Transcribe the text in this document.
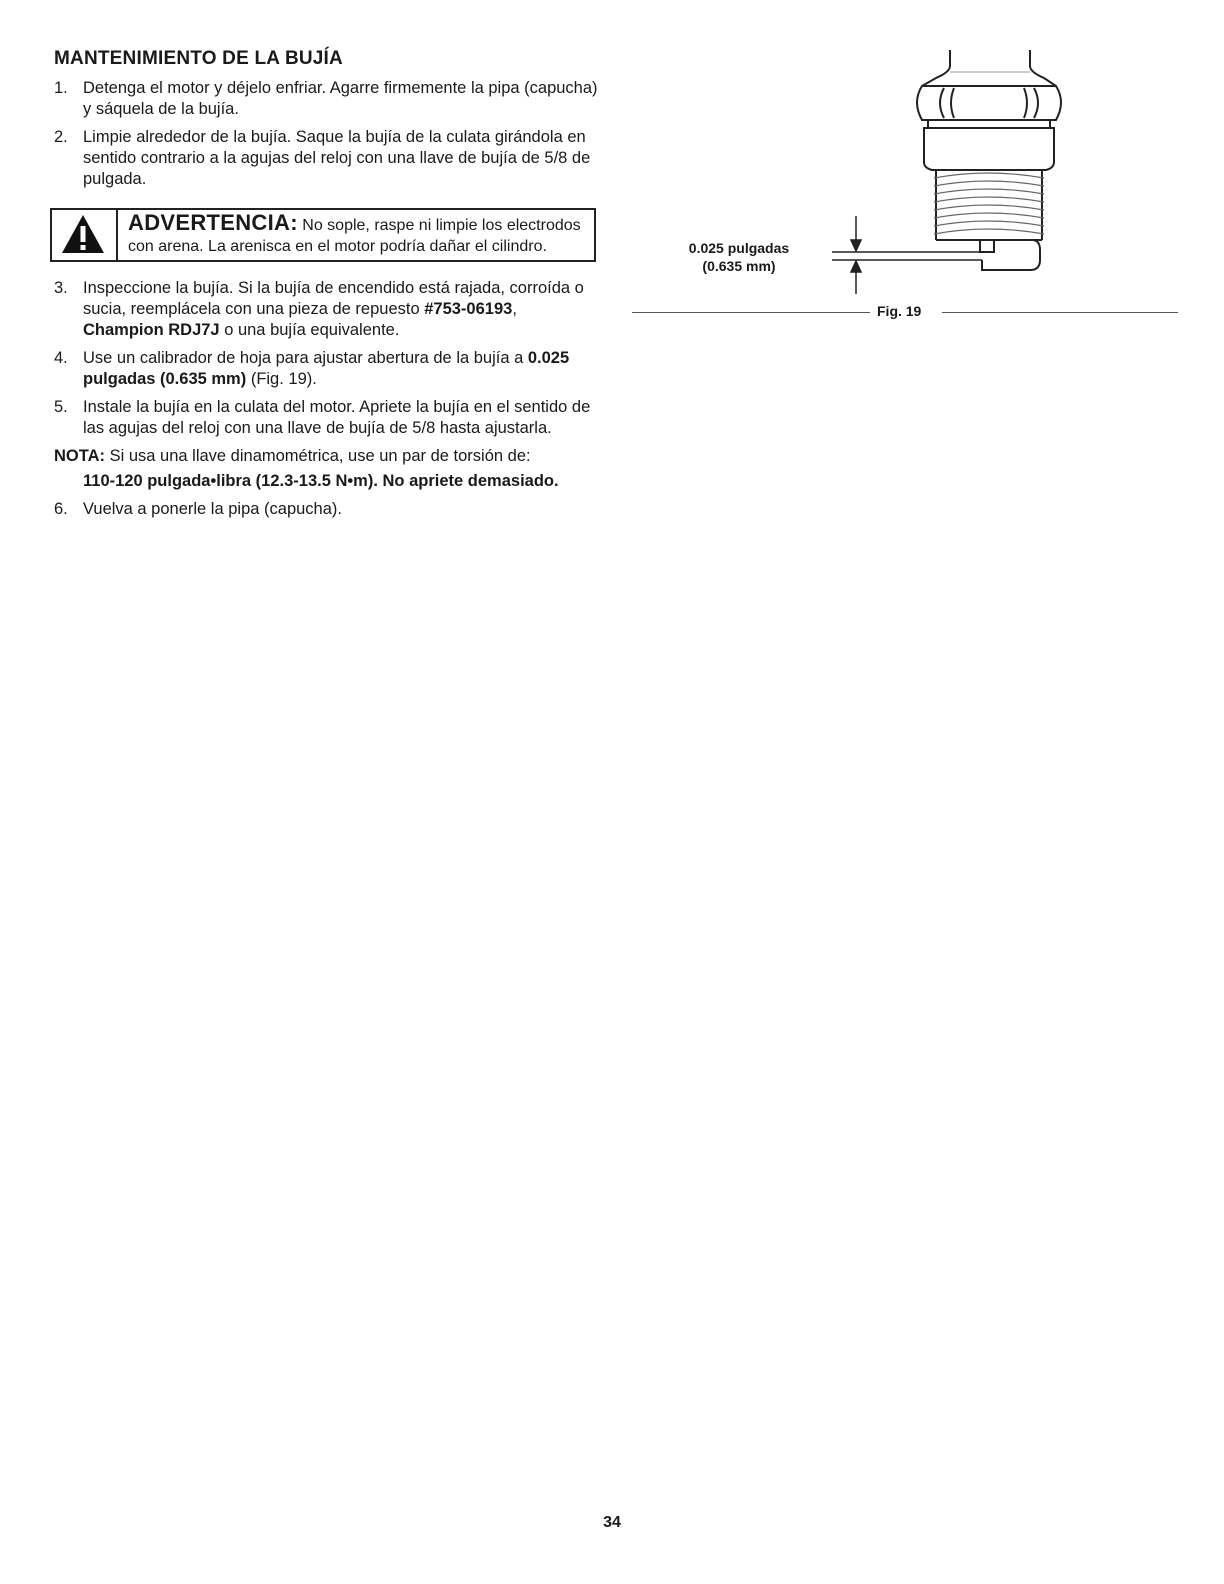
MANTENIMIENTO DE LA BUJÍA
1. Detenga el motor y déjelo enfriar. Agarre firmemente la pipa (capucha) y sáquela de la bujía.
2. Limpie alrededor de la bujía. Saque la bujía de la culata girándola en sentido contrario a la agujas del reloj con una llave de bujía de 5/8 de pulgada.
ADVERTENCIA: No sople, raspe ni limpie los electrodos con arena. La arenisca en el motor podría dañar el cilindro.
3. Inspeccione la bujía. Si la bujía de encendido está rajada, corroída o sucia, reemplácela con una pieza de repuesto #753-06193, Champion RDJ7J o una bujía equivalente.
4. Use un calibrador de hoja para ajustar abertura de la bujía a 0.025 pulgadas (0.635 mm) (Fig. 19).
5. Instale la bujía en la culata del motor. Apriete la bujía en el sentido de las agujas del reloj con una llave de bujía de 5/8 hasta ajustarla.
NOTA: Si usa una llave dinamométrica, use un par de torsión de:
110-120 pulgada•libra (12.3-13.5 N•m). No apriete demasiado.
6. Vuelva a ponerle la pipa (capucha).
0.025 pulgadas
(0.635 mm)
Fig. 19
34
